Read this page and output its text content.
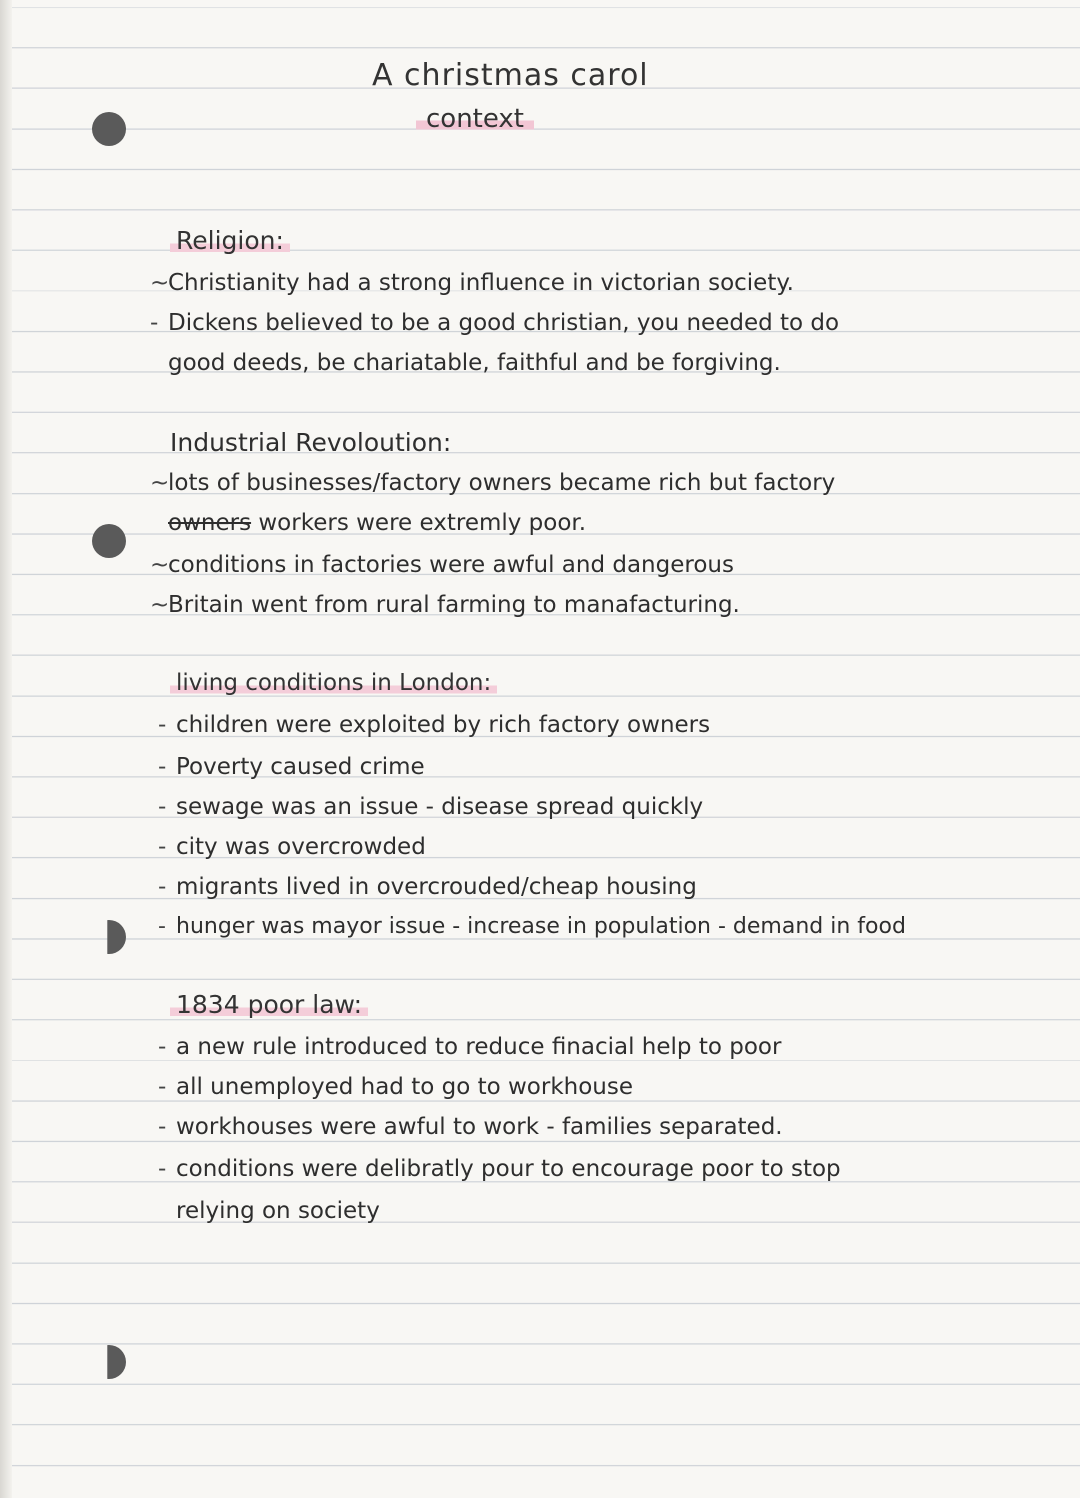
A christmas carol
context
Religion:
~Christianity had a strong influence in victorian society.
- Dickens believed to be a good christian, you needed to do
good deeds, be chariatable, faithful and be forgiving.
Industrial Revoloution:
~lots of businesses/factory owners became rich but factory
owners workers were extremly poor.
~conditions in factories were awful and dangerous
~Britain went from rural farming to manafacturing.
living conditions in London:
- children were exploited by rich factory owners
- Poverty caused crime
- sewage was an issue - disease spread quickly
- city was overcrowded
- migrants lived in overcrouded/cheap housing
- hunger was mayor issue - increase in population - demand in food
1834 poor law:
- a new rule introduced to reduce finacial help to poor
- all unemployed had to go to workhouse
- workhouses were awful to work - families separated.
- conditions were delibratly pour to encourage poor to stop
relying on society
